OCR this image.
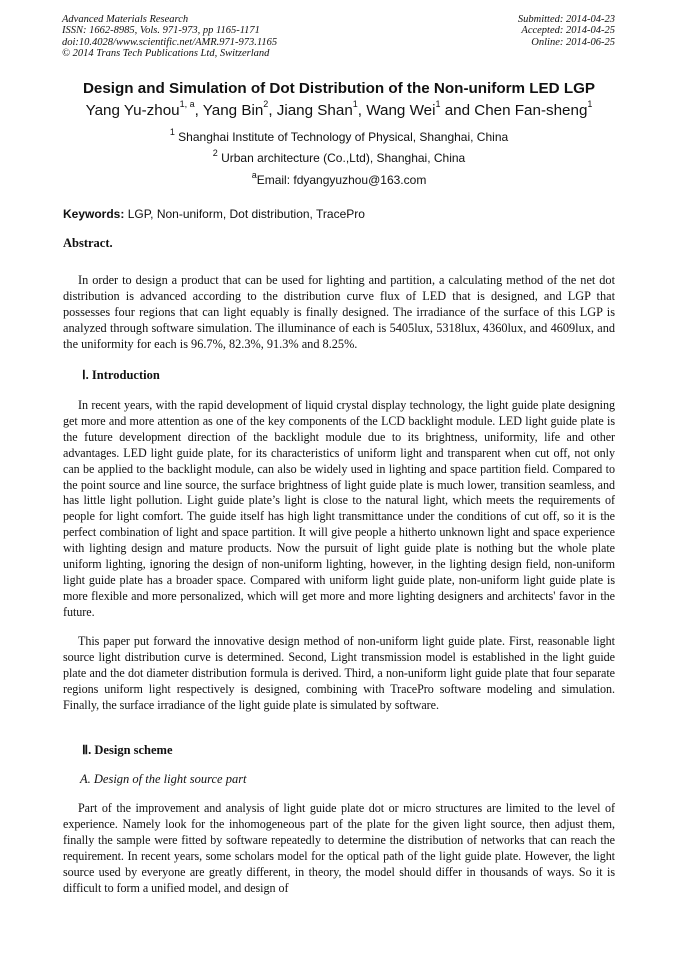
Advanced Materials Research
ISSN: 1662-8985, Vols. 971-973, pp 1165-1171
doi:10.4028/www.scientific.net/AMR.971-973.1165
© 2014 Trans Tech Publications Ltd, Switzerland
Submitted: 2014-04-23
Accepted: 2014-04-25
Online: 2014-06-25
Design and Simulation of Dot Distribution of the Non-uniform LED LGP
Yang Yu-zhou$^{1, a}$, Yang Bin$^2$, Jiang Shan$^1$, Wang Wei$^1$ and Chen Fan-sheng$^1$
$^1$ Shanghai Institute of Technology of Physical, Shanghai, China
$^2$ Urban architecture (Co.,Ltd), Shanghai, China
$^a$Email: fdyangyuzhou@163.com
Keywords: LGP, Non-uniform, Dot distribution, TracePro
Abstract.
In order to design a product that can be used for lighting and partition, a calculating method of the net dot distribution is advanced according to the distribution curve flux of LED that is designed, and LGP that possesses four regions that can light equably is finally designed. The irradiance of the surface of this LGP is analyzed through software simulation. The illuminance of each is 5405lux, 5318lux, 4360lux, and 4609lux, and the uniformity for each is 96.7%, 82.3%, 91.3% and 8.25%.
Ⅰ. Introduction
In recent years, with the rapid development of liquid crystal display technology, the light guide plate designing get more and more attention as one of the key components of the LCD backlight module. LED light guide plate is the future development direction of the backlight module due to its brightness, uniformity, life and other advantages. LED light guide plate, for its characteristics of uniform light and transparent when cut off, not only can be applied to the backlight module, can also be widely used in lighting and space partition field. Compared to the point source and line source, the surface brightness of light guide plate is much lower, transition seamless, and has little light pollution. Light guide plate’s light is close to the natural light, which meets the requirements of people for light comfort. The guide itself has high light transmittance under the conditions of cut off, so it is the perfect combination of light and space partition. It will give people a hitherto unknown light and space experience with lighting design and mature products. Now the pursuit of light guide plate is nothing but the whole plate uniform lighting, ignoring the design of non-uniform lighting, however, in the lighting design field, non-uniform light guide plate has a broader space. Compared with uniform light guide plate, non-uniform light guide plate is more flexible and more personalized, which will get more and more lighting designers and architects' favor in the future.
This paper put forward the innovative design method of non-uniform light guide plate. First, reasonable light source light distribution curve is determined. Second, Light transmission model is established in the light guide plate and the dot diameter distribution formula is derived. Third, a non-uniform light guide plate that four separate regions uniform light respectively is designed, combining with TracePro software modeling and simulation. Finally, the surface irradiance of the light guide plate is simulated by software.
Ⅱ. Design scheme
A. Design of the light source part
Part of the improvement and analysis of light guide plate dot or micro structures are limited to the level of experience. Namely look for the inhomogeneous part of the plate for the given light source, then adjust them, finally the sample were fitted by software repeatedly to determine the distribution of networks that can reach the requirement. In recent years, some scholars model for the optical path of the light guide plate. However, the light source used by everyone are greatly different, in theory, the model should differ in thousands of ways. So it is difficult to form a unified model, and design of
